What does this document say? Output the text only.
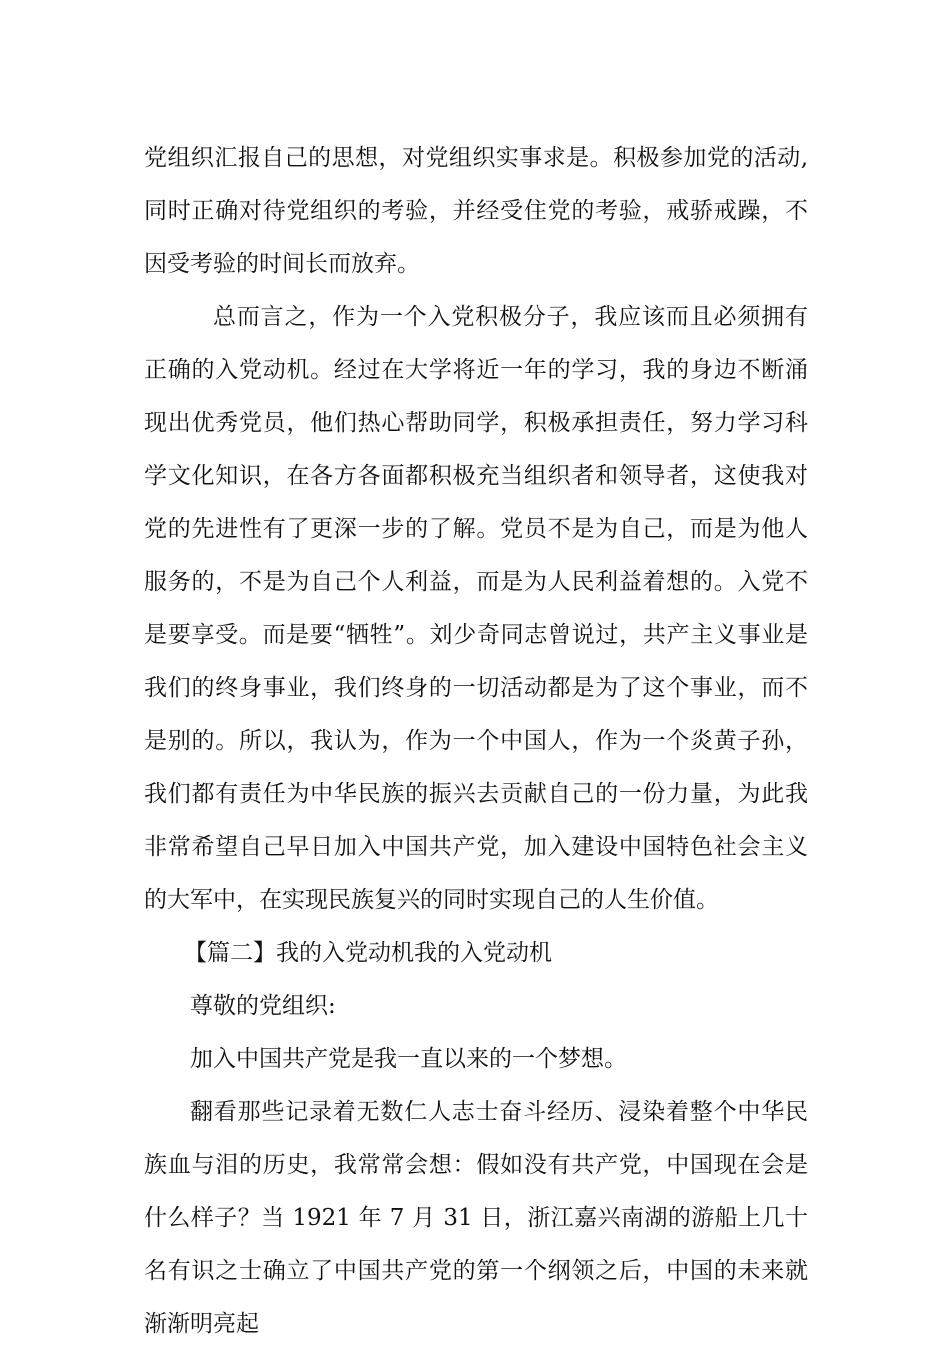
党组织汇报自己的思想，对党组织实事求是。积极参加党的活动,同时正确对待党组织的考验，并经受住党的考验，戒骄戒躁，不因受考验的时间长而放弃。

总而言之，作为一个入党积极分子，我应该而且必须拥有正确的入党动机。经过在大学将近一年的学习，我的身边不断涌现出优秀党员，他们热心帮助同学，积极承担责任，努力学习科学文化知识，在各方各面都积极充当组织者和领导者，这使我对党的先进性有了更深一步的了解。党员不是为自己，而是为他人服务的，不是为自己个人利益，而是为人民利益着想的。入党不是要享受。而是要“牺牲”。刘少奇同志曾说过，共产主义事业是我们的终身事业，我们终身的一切活动都是为了这个事业，而不是别的。所以，我认为，作为一个中国人，作为一个炎黄子孙，我们都有责任为中华民族的振兴去贡献自己的一份力量，为此我非常希望自己早日加入中国共产党，加入建设中国特色社会主义的大军中，在实现民族复兴的同时实现自己的人生价值。

【篇二】我的入党动机我的入党动机

尊敬的党组织:

加入中国共产党是我一直以来的一个梦想。

翻看那些记录着无数仁人志士奋斗经历、浸染着整个中华民族血与泪的历史，我常常会想：假如没有共产党，中国现在会是什么样子？当 1921 年 7 月 31 日，浙江嘉兴南湖的游船上几十名有识之士确立了中国共产党的第一个纲领之后，中国的未来就渐渐明亮起
